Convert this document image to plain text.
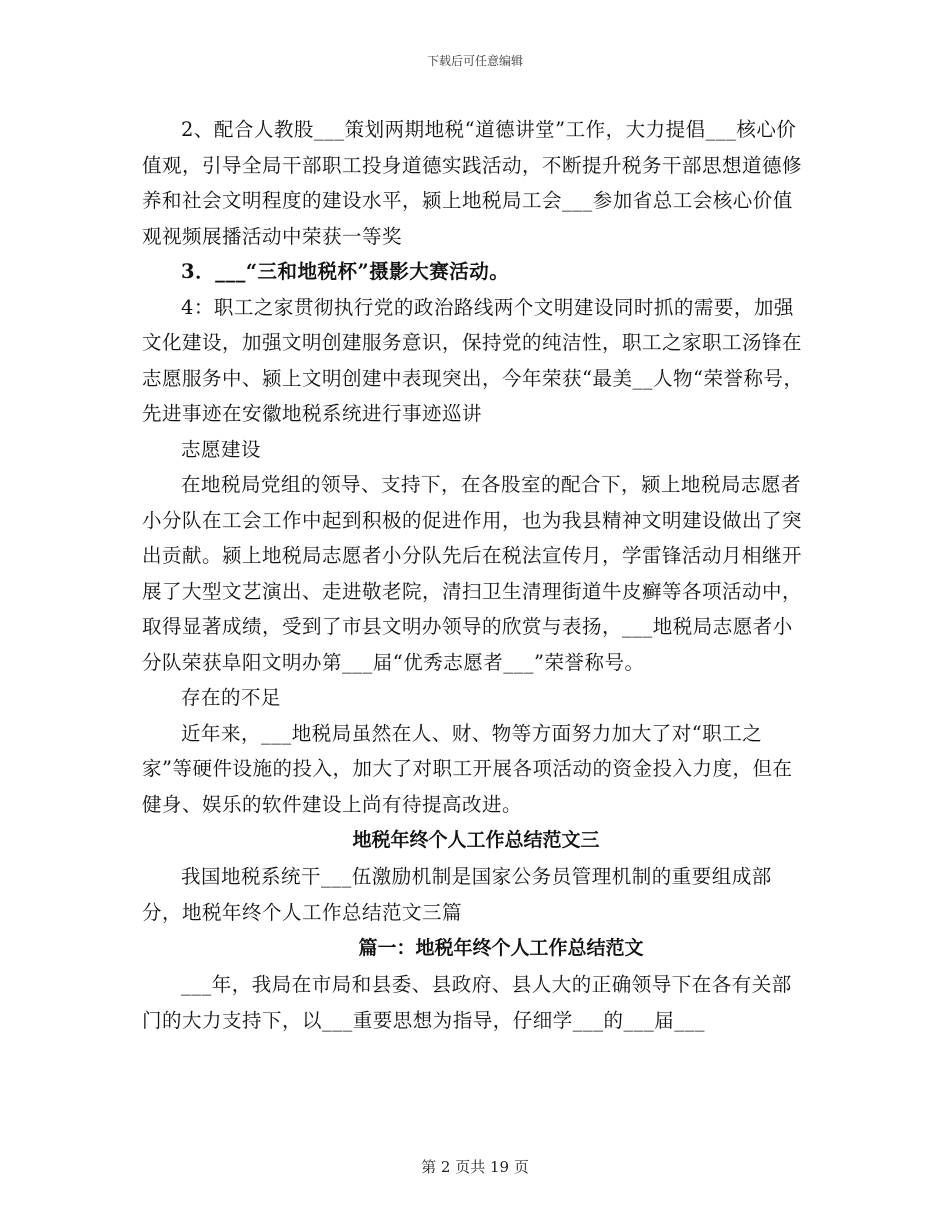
下载后可任意编辑

2、配合人教股___策划两期地税“道德讲堂”工作，大力提倡___核心价值观，引导全局干部职工投身道德实践活动，不断提升税务干部思想道德修养和社会文明程度的建设水平，颍上地税局工会___参加省总工会核心价值观视频展播活动中荣获一等奖

3．___“三和地税杯”摄影大赛活动。

4：职工之家贯彻执行党的政治路线两个文明建设同时抓的需要，加强文化建设，加强文明创建服务意识，保持党的纯洁性，职工之家职工汤锋在志愿服务中、颍上文明创建中表现突出，今年荣获“最美__人物“荣誉称号，先进事迹在安徽地税系统进行事迹巡讲

志愿建设

在地税局党组的领导、支持下，在各股室的配合下，颍上地税局志愿者小分队在工会工作中起到积极的促进作用，也为我县精神文明建设做出了突出贡献。颍上地税局志愿者小分队先后在税法宣传月，学雷锋活动月相继开展了大型文艺演出、走进敬老院，清扫卫生清理街道牛皮癣等各项活动中，取得显著成绩，受到了市县文明办领导的欣赏与表扬，___地税局志愿者小分队荣获阜阳文明办第___届“优秀志愿者___”荣誉称号。

存在的不足

近年来，___地税局虽然在人、财、物等方面努力加大了对“职工之家”等硬件设施的投入，加大了对职工开展各项活动的资金投入力度，但在健身、娱乐的软件建设上尚有待提高改进。

地税年终个人工作总结范文三

我国地税系统干___伍激励机制是国家公务员管理机制的重要组成部分，地税年终个人工作总结范文三篇

篇一：地税年终个人工作总结范文

___年，我局在市局和县委、县政府、县人大的正确领导下在各有关部门的大力支持下，以___重要思想为指导，仔细学___的___届___

第 2 页共 19 页
